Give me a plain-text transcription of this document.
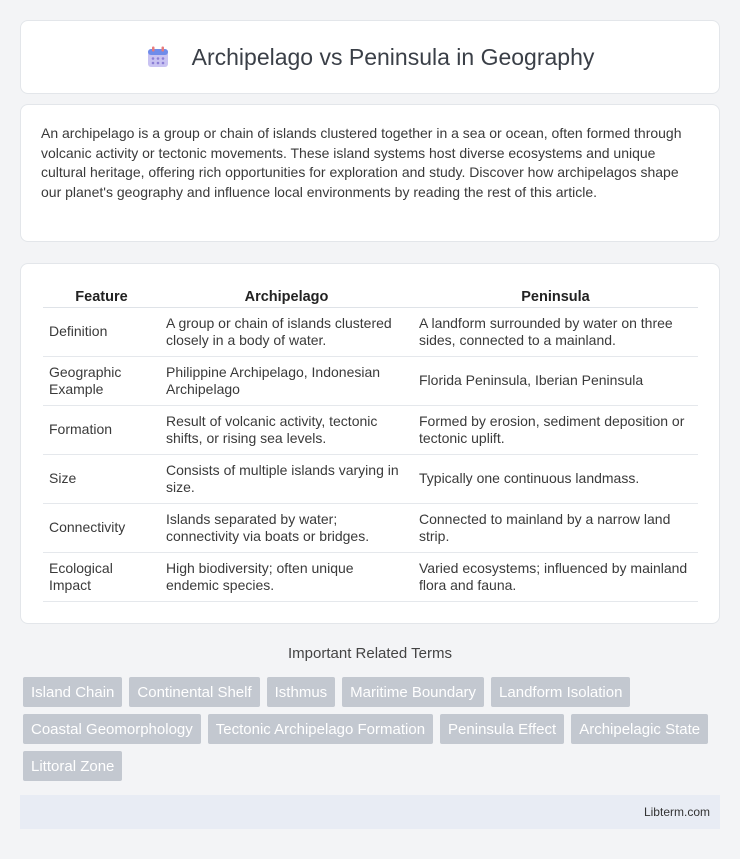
Archipelago vs Peninsula in Geography

An archipelago is a group or chain of islands clustered together in a sea or ocean, often formed through volcanic activity or tectonic movements. These island systems host diverse ecosystems and unique cultural heritage, offering rich opportunities for exploration and study. Discover how archipelagos shape our planet's geography and influence local environments by reading the rest of this article.

Feature	Archipelago	Peninsula
Definition	A group or chain of islands clustered closely in a body of water.	A landform surrounded by water on three sides, connected to a mainland.
Geographic Example	Philippine Archipelago, Indonesian Archipelago	Florida Peninsula, Iberian Peninsula
Formation	Result of volcanic activity, tectonic shifts, or rising sea levels.	Formed by erosion, sediment deposition or tectonic uplift.
Size	Consists of multiple islands varying in size.	Typically one continuous landmass.
Connectivity	Islands separated by water; connectivity via boats or bridges.	Connected to mainland by a narrow land strip.
Ecological Impact	High biodiversity; often unique endemic species.	Varied ecosystems; influenced by mainland flora and fauna.
Important Related Terms
Island Chain	Continental Shelf	Isthmus	Maritime Boundary	Landform Isolation
Coastal Geomorphology	Tectonic Archipelago Formation	Peninsula Effect	Archipelagic State
Littoral Zone
Libterm.com
